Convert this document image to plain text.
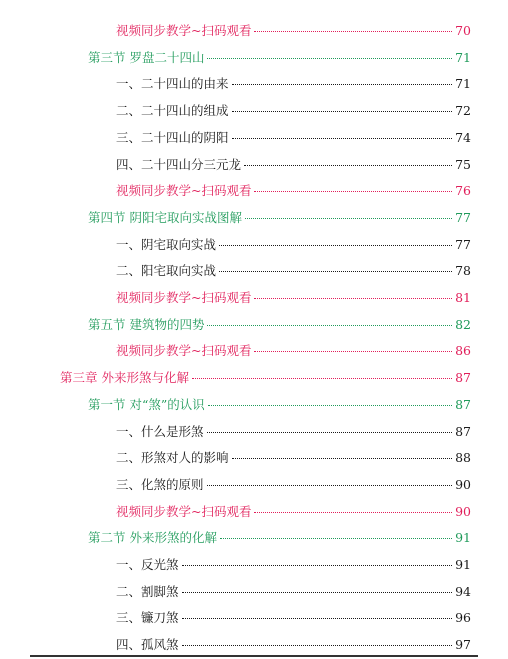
视频同步教学~扫码观看	70
第三节 罗盘二十四山	71
一、二十四山的由来	71
二、二十四山的组成	72
三、二十四山的阴阳	74
四、二十四山分三元龙	75
视频同步教学~扫码观看	76
第四节 阴阳宅取向实战图解	77
一、阴宅取向实战	77
二、阳宅取向实战	78
视频同步教学~扫码观看	81
第五节 建筑物的四势	82
视频同步教学~扫码观看	86
第三章 外来形煞与化解	87
第一节 对“煞”的认识	87
一、什么是形煞	87
二、形煞对人的影响	88
三、化煞的原则	90
视频同步教学~扫码观看	90
第二节 外来形煞的化解	91
一、反光煞	91
二、割脚煞	94
三、镰刀煞	96
四、孤风煞	97
